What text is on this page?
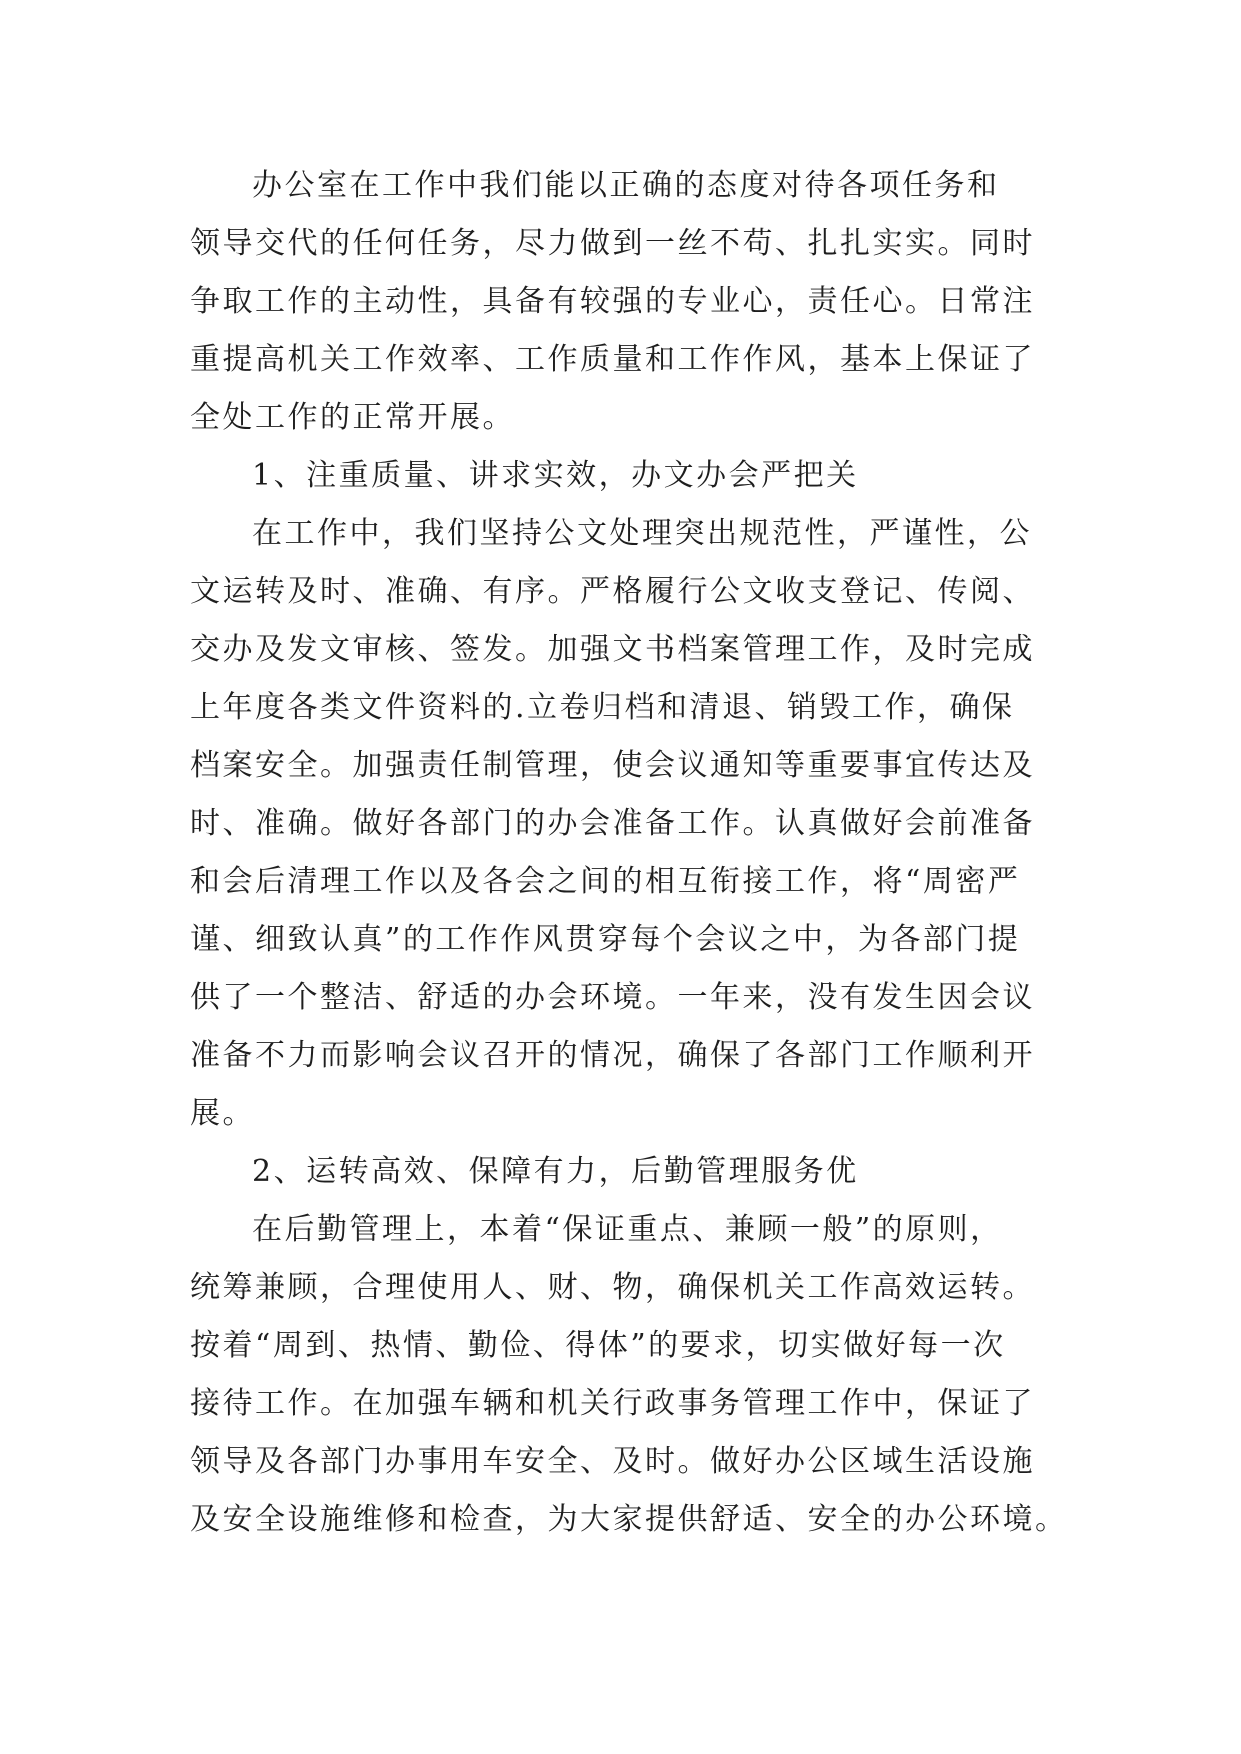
办公室在工作中我们能以正确的态度对待各项任务和
领导交代的任何任务，尽力做到一丝不苟、扎扎实实。同时
争取工作的主动性，具备有较强的专业心，责任心。日常注
重提高机关工作效率、工作质量和工作作风，基本上保证了
全处工作的正常开展。
1、注重质量、讲求实效，办文办会严把关
在工作中，我们坚持公文处理突出规范性，严谨性，公
文运转及时、准确、有序。严格履行公文收支登记、传阅、
交办及发文审核、签发。加强文书档案管理工作，及时完成
上年度各类文件资料的.立卷归档和清退、销毁工作，确保
档案安全。加强责任制管理，使会议通知等重要事宜传达及
时、准确。做好各部门的办会准备工作。认真做好会前准备
和会后清理工作以及各会之间的相互衔接工作，将“周密严
谨、细致认真”的工作作风贯穿每个会议之中，为各部门提
供了一个整洁、舒适的办会环境。一年来，没有发生因会议
准备不力而影响会议召开的情况，确保了各部门工作顺利开
展。
2、运转高效、保障有力，后勤管理服务优
在后勤管理上，本着“保证重点、兼顾一般”的原则，
统筹兼顾，合理使用人、财、物，确保机关工作高效运转。
按着“周到、热情、勤俭、得体”的要求，切实做好每一次
接待工作。在加强车辆和机关行政事务管理工作中，保证了
领导及各部门办事用车安全、及时。做好办公区域生活设施
及安全设施维修和检查，为大家提供舒适、安全的办公环境。
